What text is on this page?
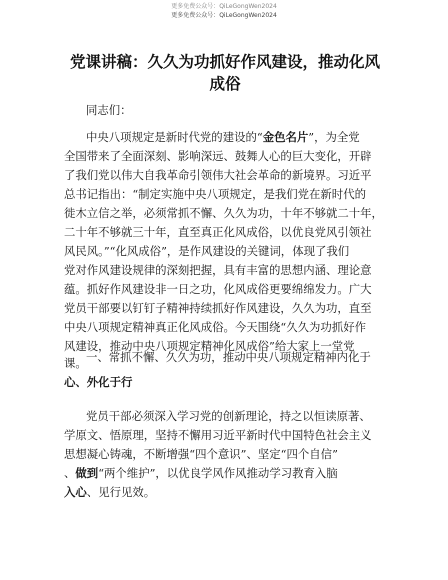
更多免费公众号：QiLeGongWen2024
更多免费公众号：QiLeGongWen2024
党课讲稿：久久为功抓好作风建设，推动化风
成俗
同志们：
中央八项规定是新时代党的建设的“金色名片”，为全党
全国带来了全面深刻、影响深远、鼓舞人心的巨大变化，开辟
了我们党以伟大自我革命引领伟大社会革命的新境界。习近平
总书记指出：“制定实施中央八项规定，是我们党在新时代的
徙木立信之举，必须常抓不懈、久久为功，十年不够就二十年，
二十年不够就三十年，直至真正化风成俗，以优良党风引领社
风民风。”“化风成俗”，是作风建设的关键词，体现了我们
党对作风建设规律的深刻把握，具有丰富的思想内涵、理论意
蕴。抓好作风建设非一日之功，化风成俗更要绵绵发力。广大
党员干部要以钉钉子精神持续抓好作风建设，久久为功，直至
中央八项规定精神真正化风成俗。今天围绕“久久为功抓好作
风建设，推动中央八项规定精神化风成俗”给大家上一堂党
课。
党员干部必须深入学习党的创新理论，持之以恒读原著、
学原文、悟原理，坚持不懈用习近平新时代中国特色社会主义
思想凝心铸魂，不断增强“四个意识”、坚定“四个自信”
、做到“两个维护”，以优良学风作风推动学习教育入脑
入心、见行见效。
一、常抓不懈、久久为功，推动中央八项规定精神内化于
心、外化于行
